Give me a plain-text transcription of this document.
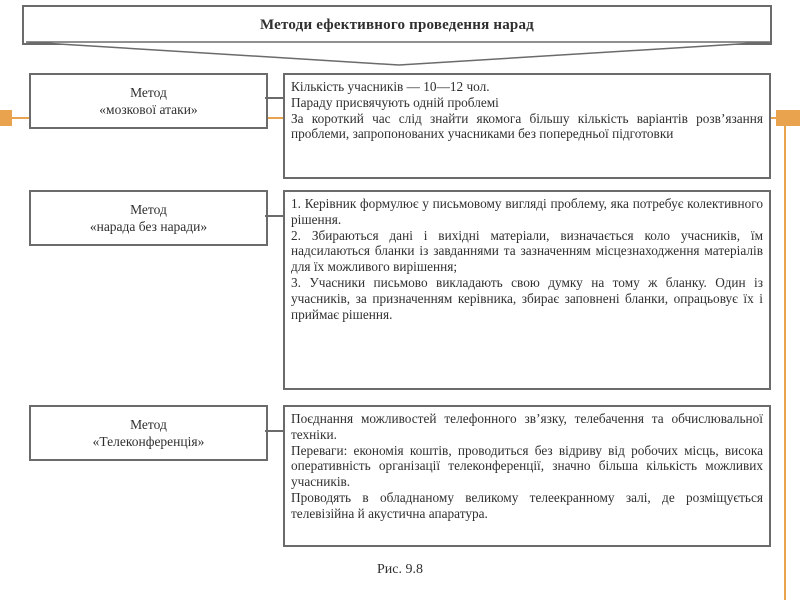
Методи ефективного проведення нарад
Метод
«мозкової атаки»

Кількість учасників — 10—12 чол.

Параду присвячують одній проблемі

За короткий час слід знайти якомога більшу кількість варіантів розв’язання проблеми, запропонованих учасниками без попередньої підготовки

Метод
«нарада без наради»

1. Керівник формулює у письмовому вигляді проблему, яка потребує колективного рішення.

2. Збираються дані і вихідні матеріали, визначається коло учасників, їм надсилаються бланки із завданнями та зазначенням місцезнаходження матеріалів для їх можливого вирішення;

3. Учасники письмово викладають свою думку на тому ж бланку. Один із учасників, за призначенням керівника, збирає заповнені бланки, опрацьовує їх і приймає рішення.

Метод
«Телеконференція»

Поєднання можливостей телефонного зв’язку, телебачення та обчислювальної техніки.

Переваги: економія коштів, проводиться без відриву від робочих місць, висока оперативність організації телеконференції, значно більша кількість можливих учасників.

Проводять в обладнаному великому телеекранному залі, де розміщується телевізійна й акустична апаратура.

Рис. 9.8
